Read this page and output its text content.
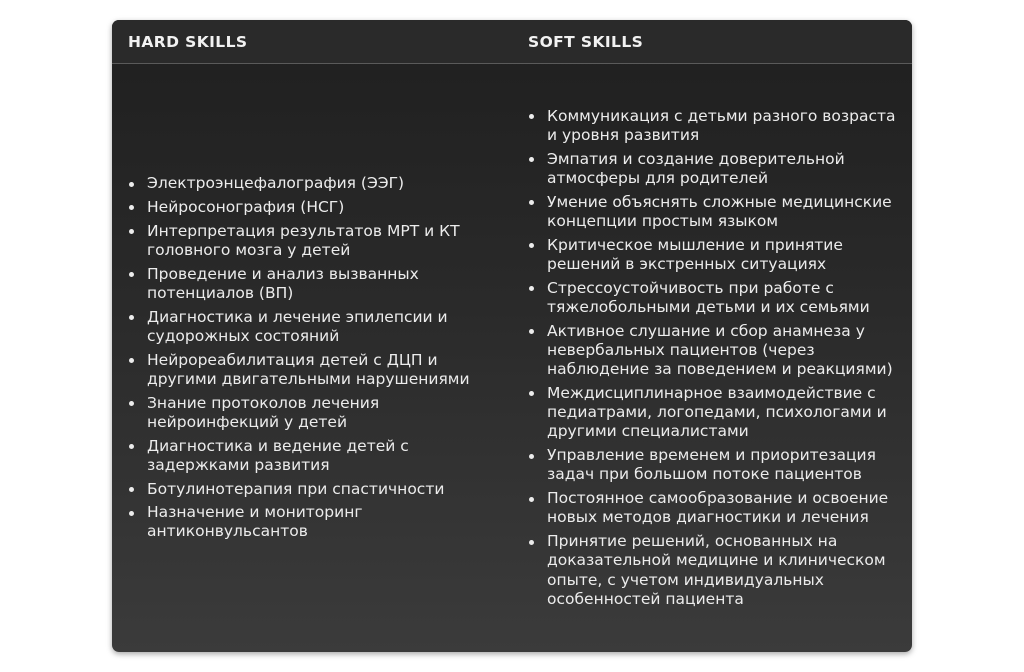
HARD SKILLS	SOFT SKILLS
Электроэнцефалография (ЭЭГ)
Нейросонография (НСГ)
Интерпретация результатов МРТ и КТ головного мозга у детей
Проведение и анализ вызванных потенциалов (ВП)
Диагностика и лечение эпилепсии и судорожных состояний
Нейрореабилитация детей с ДЦП и другими двигательными нарушениями
Знание протоколов лечения нейроинфекций у детей
Диагностика и ведение детей с задержками развития
Ботулинотерапия при спастичности
Назначение и мониторинг антиконвульсантов
Коммуникация с детьми разного возраста и уровня развития
Эмпатия и создание доверительной атмосферы для родителей
Умение объяснять сложные медицинские концепции простым языком
Критическое мышление и принятие решений в экстренных ситуациях
Стрессоустойчивость при работе с тяжелобольными детьми и их семьями
Активное слушание и сбор анамнеза у невербальных пациентов (через наблюдение за поведением и реакциями)
Междисциплинарное взаимодействие с педиатрами, логопедами, психологами и другими специалистами
Управление временем и приоритезация задач при большом потоке пациентов
Постоянное самообразование и освоение новых методов диагностики и лечения
Принятие решений, основанных на доказательной медицине и клиническом опыте, с учетом индивидуальных особенностей пациента
